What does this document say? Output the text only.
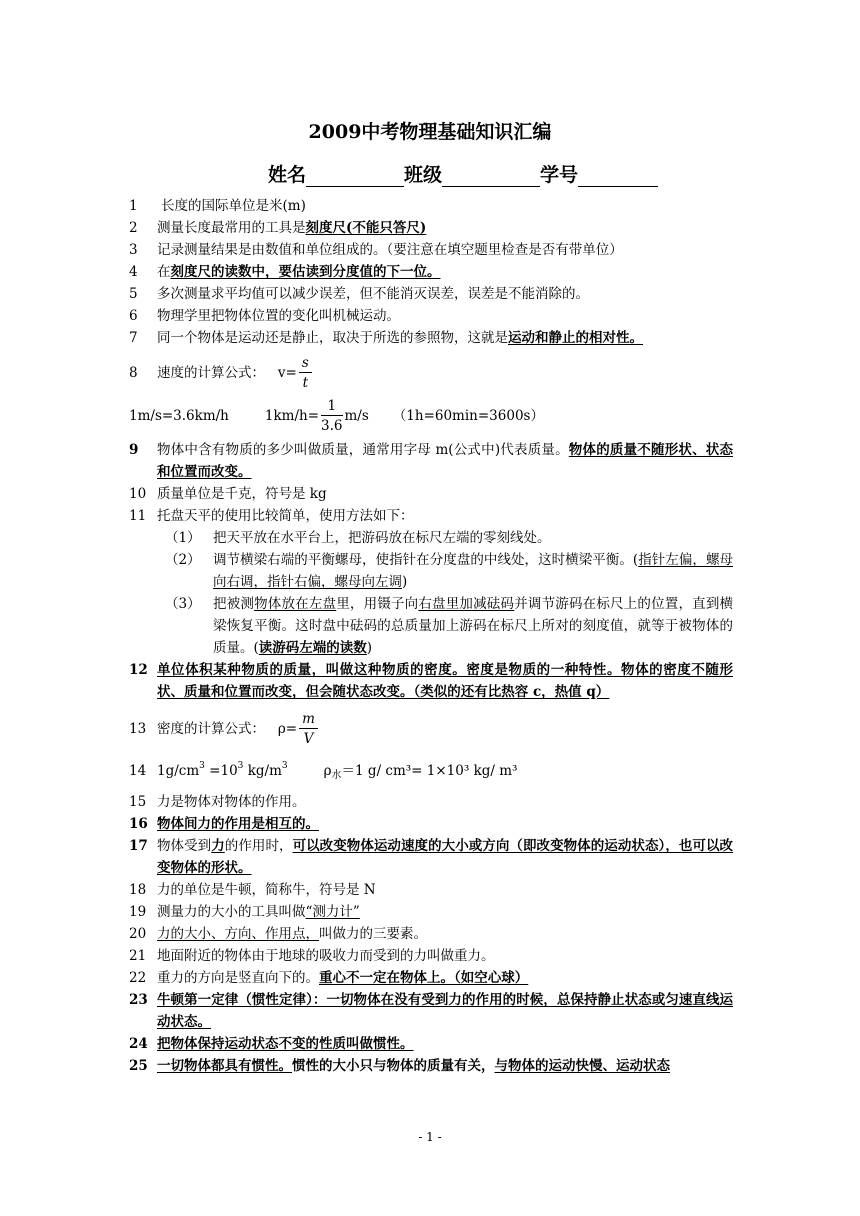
2009中考物理基础知识汇编
姓名	班级	学号
1	长度的国际单位是米(m)
2	测量长度最常用的工具是刻度尺(不能只答尺)
3	记录测量结果是由数值和单位组成的。（要注意在填空题里检查是否有带单位）
4	在刻度尺的读数中，要估读到分度值的下一位。
5	多次测量求平均值可以减少误差，但不能消灭误差，误差是不能消除的。
6	物理学里把物体位置的变化叫机械运动。
7	同一个物体是运动还是静止，取决于所选的参照物，这就是运动和静止的相对性。
8	速度的计算公式： $v= \frac{s}{t}$
1m/s=3.6km/h	$1km/h= \frac{1}{3.6} m/s$ （1h=60min=3600s）
9	物体中含有物质的多少叫做质量，通常用字母 m(公式中)代表质量。物体的质量不随形状、状态和位置而改变。
10 质量单位是千克，符号是 kg
11 托盘天平的使用比较简单，使用方法如下：
（1） 把天平放在水平台上，把游码放在标尺左端的零刻线处。
（2） 调节横梁右端的平衡螺母，使指针在分度盘的中线处，这时横梁平衡。(指针左偏，螺母向右调，指针右偏，螺母向左调)
（3） 把被测物体放在左盘里，用镊子向右盘里加减砝码并调节游码在标尺上的位置，直到横梁恢复平衡。这时盘中砝码的总质量加上游码在标尺上所对的刻度值，就等于被物体的质量。(读游码左端的读数)
12 单位体积某种物质的质量，叫做这种物质的密度。密度是物质的一种特性。物体的密度不随形状、质量和位置而改变，但会随状态改变。（类似的还有比热容 c，热值 q）
13 密度的计算公式： $\rho= \frac{m}{V}$
14 $1g/cm^3 =10^3$ $kg/m^3$	$\rho_水=1$ g/ cm³= 1×10³ kg/ m³
15 力是物体对物体的作用。
16 物体间力的作用是相互的。
17 物体受到力的作用时，可以改变物体运动速度的大小或方向（即改变物体的运动状态），也可以改变物体的形状。
18 力的单位是牛顿，简称牛，符号是 N
19 测量力的大小的工具叫做“测力计”
20 力的大小、方向、作用点，叫做力的三要素。
21 地面附近的物体由于地球的吸收力而受到的力叫做重力。
22 重力的方向是竖直向下的。重心不一定在物体上。（如空心球）
23 牛顿第一定律（惯性定律）：一切物体在没有受到力的作用的时候，总保持静止状态或匀速直线运动状态。
24 把物体保持运动状态不变的性质叫做惯性。
25 一切物体都具有惯性。惯性的大小只与物体的质量有关，与物体的运动快慢、运动状态
- 1 -
